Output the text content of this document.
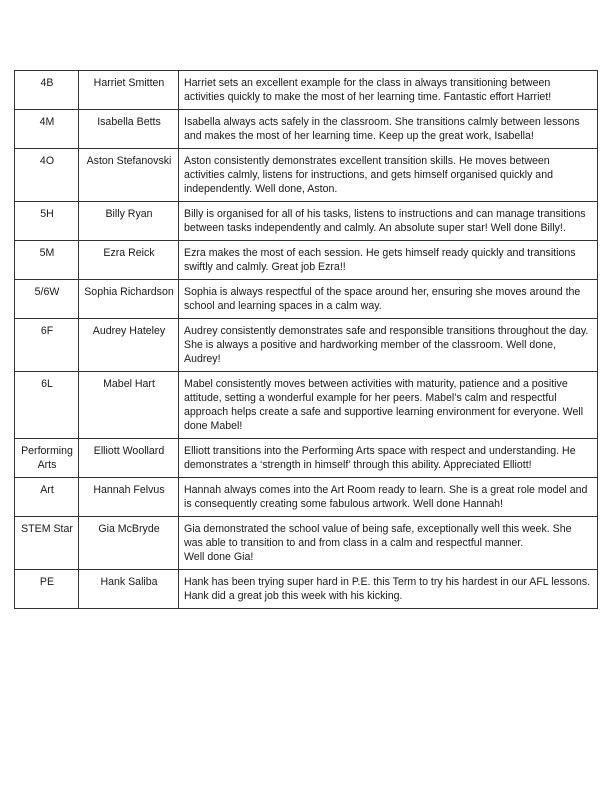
4B	Harriet Smitten	Harriet sets an excellent example for the class in always transitioning between activities quickly to make the most of her learning time. Fantastic effort Harriet!
4M	Isabella Betts	Isabella always acts safely in the classroom. She transitions calmly between lessons and makes the most of her learning time. Keep up the great work, Isabella!
4O	Aston Stefanovski	Aston consistently demonstrates excellent transition skills. He moves between activities calmly, listens for instructions, and gets himself organised quickly and independently. Well done, Aston.
5H	Billy Ryan	Billy is organised for all of his tasks, listens to instructions and can manage transitions between tasks independently and calmly. An absolute super star! Well done Billy!.
5M	Ezra Reick	Ezra makes the most of each session. He gets himself ready quickly and transitions swiftly and calmly. Great job Ezra!!
5/6W	Sophia Richardson	Sophia is always respectful of the space around her, ensuring she moves around the school and learning spaces in a calm way.
6F	Audrey Hateley	Audrey consistently demonstrates safe and responsible transitions throughout the day. She is always a positive and hardworking member of the classroom. Well done, Audrey!
6L	Mabel Hart	Mabel consistently moves between activities with maturity, patience and a positive attitude, setting a wonderful example for her peers. Mabel’s calm and respectful approach helps create a safe and supportive learning environment for everyone. Well done Mabel!
Performing Arts	Elliott Woollard	Elliott transitions into the Performing Arts space with respect and understanding. He demonstrates a ‘strength in himself’ through this ability. Appreciated Elliott!
Art	Hannah Felvus	Hannah always comes into the Art Room ready to learn. She is a great role model and is consequently creating some fabulous artwork. Well done Hannah!
STEM Star	Gia McBryde	Gia demonstrated the school value of being safe, exceptionally well this week. She was able to transition to and from class in a calm and respectful manner.
Well done Gia!
PE	Hank Saliba	Hank has been trying super hard in P.E. this Term to try his hardest in our AFL lessons. Hank did a great job this week with his kicking.
